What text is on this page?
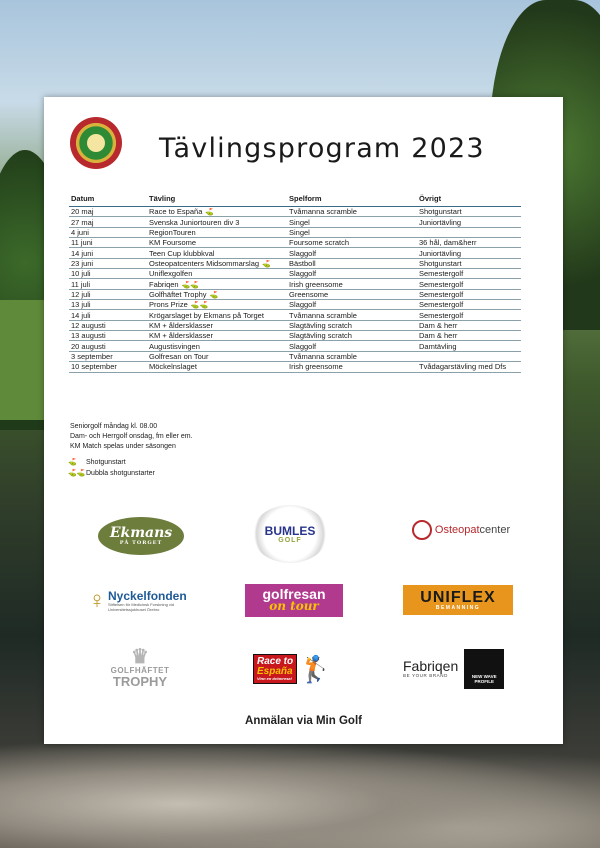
Tävlingsprogram 2023
Datum	Tävling	Spelform	Övrigt
20 maj	Race to España ⛳	Tvåmanna scramble	Shotgunstart
27 maj	Svenska Juniortouren div 3	Singel	Juniortävling
4 juni	RegionTouren	Singel	
11 juni	KM Foursome	Foursome scratch	36 hål, dam&herr
14 juni	Teen Cup klubbkval	Slaggolf	Juniortävling
23 juni	Osteopatcenters Midsommarslag ⛳	Bästboll	Shotgunstart
10 juli	Uniflexgolfen	Slaggolf	Semestergolf
11 juli	Fabriqen ⛳⛳	Irish greensome	Semestergolf
12 juli	Golfhäftet Trophy ⛳	Greensome	Semestergolf
13 juli	Prons Prize ⛳⛳	Slaggolf	Semestergolf
14 juli	Krögarslaget by Ekmans på Torget	Tvåmanna scramble	Semestergolf
12 augusti	KM + åldersklasser	Slagtävling scratch	Dam & herr
13 augusti	KM + åldersklasser	Slagtävling scratch	Dam & herr
20 augusti	Augustisvingen	Slaggolf	Damtävling
3 september	Golfresan on Tour	Tvåmanna scramble	
10 september	Möckelnslaget	Irish greensome	Tvådagarstävling med Dfs
Seniorgolf måndag kl. 08.00
Dam- och Herrgolf onsdag, fm eller em.
KM Match spelas under säsongen
⛳ Shotgunstart
⛳⛳Dubbla shotgunstarter
Ekmans
PÅ TORGET
BUMLES
GOLF
Osteopat center
♀ Nyckelfonden
Stiftelsen för Medicinsk Forskning vid Universitetssjukhuset Örebro
golfresan
on tour
UNIFLEX
BEMANNING
♛
GOLFHÄFTET
TROPHY
Race to
España
Vinn en drömresa! 🏌	Fabriqen
BE YOUR BRAND	NEW WAVE PROFILE
Anmälan via Min Golf
